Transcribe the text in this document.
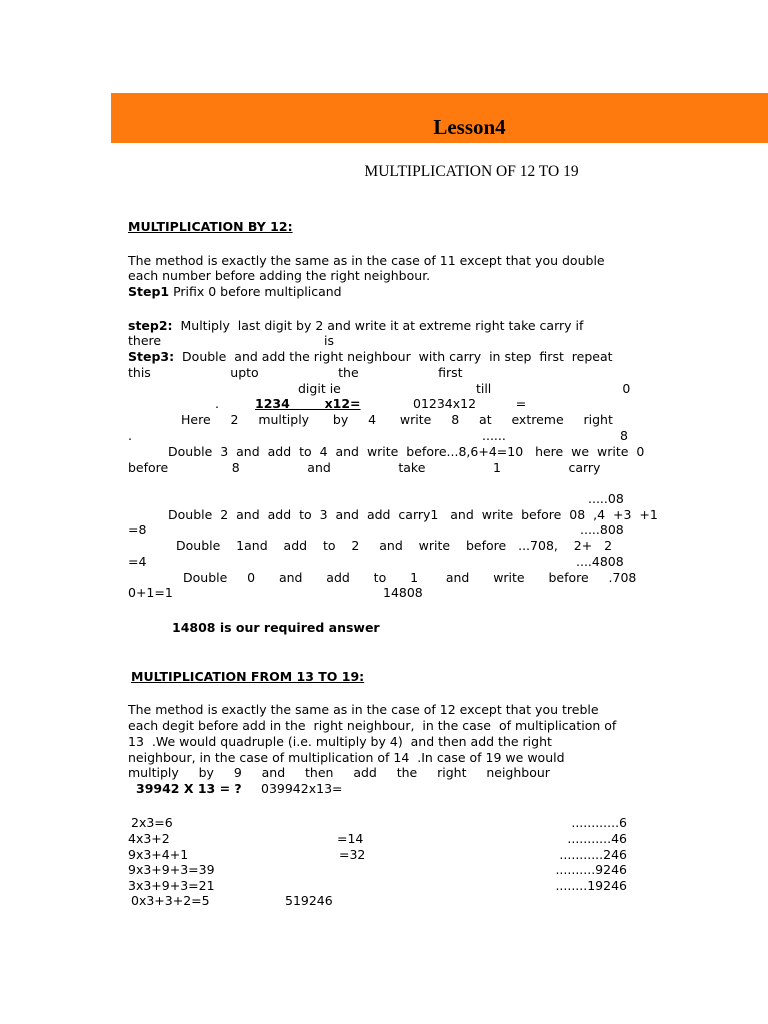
Lesson4
MULTIPLICATION OF 12 TO 19
MULTIPLICATION BY 12:
The method is exactly the same as in the case of 11 except that you double
each number before adding the right neighbour.
Step1 Prifix 0 before multiplicand
step2:  Multiply  last digit by 2 and write it at extreme right take carry if
there                                         is
Step3:  Double  and add the right neighbour  with carry  in step  first  repeat
this                    upto                    the                    first
digit ie                                  till                                 0
.	1234        x12=	01234x12          =
Here     2     multiply      by     4      write     8     at     extreme     right
.	......	8
Double  3  and  add  to  4  and  write  before...8,6+4=10   here  we  write  0
before                8                 and                 take                 1                 carry
.....08
Double  2  and  add  to  3  and  add  carry1   and  write  before  08  ,4  +3  +1
=8	.....808
Double    1and    add    to    2     and    write    before   ...708,    2+   2
=4	....4808
Double     0      and      add      to      1       and      write      before     .708
0+1=1	14808
14808 is our required answer
MULTIPLICATION FROM 13 TO 19:
The method is exactly the same as in the case of 12 except that you treble
each degit before add in the  right neighbour,  in the case  of multiplication of
13  .We would quadruple (i.e. multiply by 4)  and then add the right
neighbour, in the case of multiplication of 14  .In case of 19 we would
multiply     by     9     and     then     add     the     right     neighbour
39942 X 13 = ? 039942x13=
2x3=6	............6
4x3+2	=14	...........46
9x3+4+1	=32	...........246
9x3+9+3=39	..........9246
3x3+9+3=21	........19246
0x3+3+2=5	519246
